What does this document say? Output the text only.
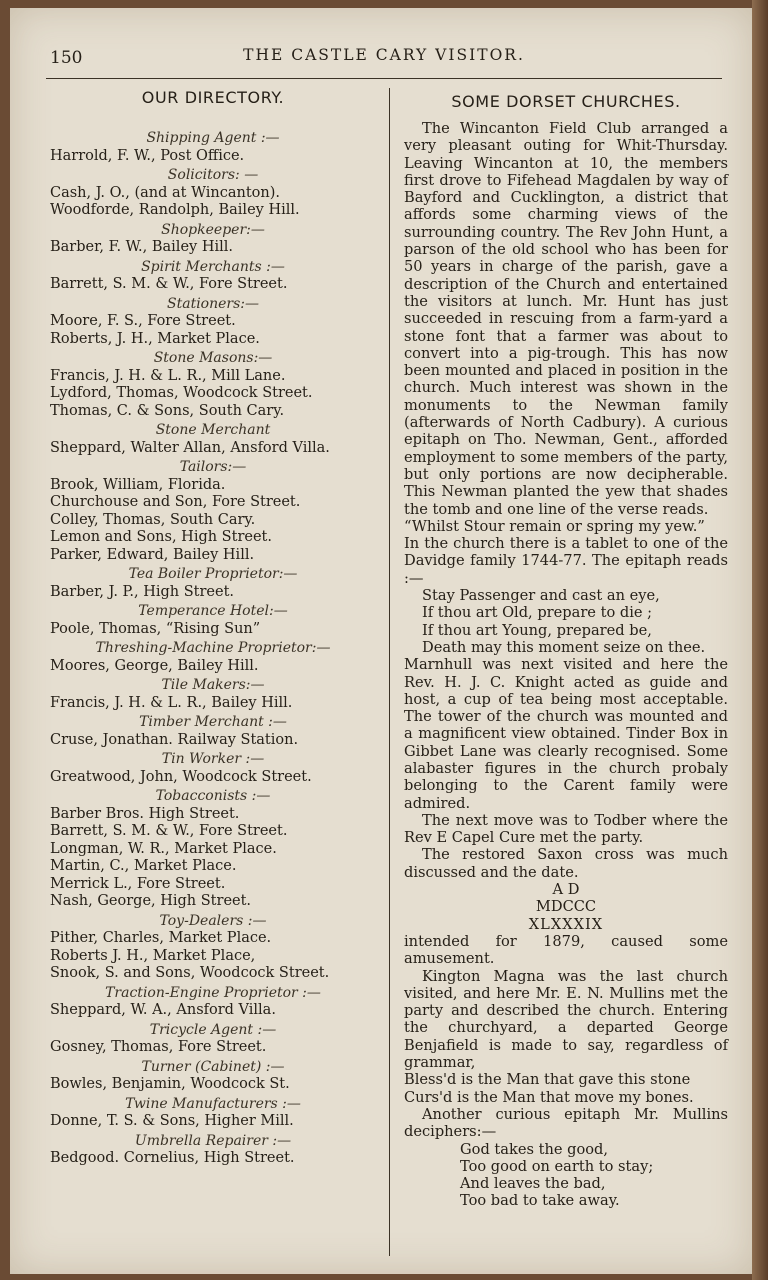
150	THE CASTLE CARY VISITOR.
OUR DIRECTORY.
Shipping Agent :—
Harrold, F. W., Post Office.
Solicitors: —
Cash, J. O., (and at Wincanton).
Woodforde, Randolph, Bailey Hill.
Shopkeeper:—
Barber, F. W., Bailey Hill.
Spirit Merchants :—
Barrett, S. M. & W., Fore Street.
Stationers:—
Moore, F. S., Fore Street.
Roberts, J. H., Market Place.
Stone Masons:—
Francis, J. H. & L. R., Mill Lane.
Lydford, Thomas, Woodcock Street.
Thomas, C. & Sons, South Cary.
Stone Merchant
Sheppard, Walter Allan, Ansford Villa.
Tailors:—
Brook, William, Florida.
Churchouse and Son, Fore Street.
Colley, Thomas, South Cary.
Lemon and Sons, High Street.
Parker, Edward, Bailey Hill.
Tea Boiler Proprietor:—
Barber, J. P., High Street.
Temperance Hotel:—
Poole, Thomas, “Rising Sun”
Threshing-Machine Proprietor:—
Moores, George, Bailey Hill.
Tile Makers:—
Francis, J. H. & L. R., Bailey Hill.
Timber Merchant :—
Cruse, Jonathan. Railway Station.
Tin Worker :—
Greatwood, John, Woodcock Street.
Tobacconists :—
Barber Bros. High Street.
Barrett, S. M. & W., Fore Street.
Longman, W. R., Market Place.
Martin, C., Market Place.
Merrick L., Fore Street.
Nash, George, High Street.
Toy-Dealers :—
Pither, Charles, Market Place.
Roberts J. H., Market Place,
Snook, S. and Sons, Woodcock Street.
Traction-Engine Proprietor :—
Sheppard, W. A., Ansford Villa.
Tricycle Agent :—
Gosney, Thomas, Fore Street.
Turner (Cabinet) :—
Bowles, Benjamin, Woodcock St.
Twine Manufacturers :—
Donne, T. S. & Sons, Higher Mill.
Umbrella Repairer :—
Bedgood. Cornelius, High Street.
SOME DORSET CHURCHES.

The Wincanton Field Club arranged a very pleasant outing for Whit-Thursday. Leaving Wincanton at 10, the members first drove to Fifehead Magdalen by way of Bayford and Cucklington, a district that affords some charming views of the surrounding country. The Rev John Hunt, a parson of the old school who has been for 50 years in charge of the parish, gave a description of the Church and entertained the visitors at lunch. Mr. Hunt has just succeeded in rescuing from a farm-yard a stone font that a farmer was about to convert into a pig-trough. This has now been mounted and placed in position in the church. Much interest was shown in the monuments to the Newman family (afterwards of North Cadbury). A curious epitaph on Tho. Newman, Gent., afforded employment to some members of the party, but only portions are now decipherable. This Newman planted the yew that shades the tomb and one line of the verse reads.

“Whilst Stour remain or spring my yew.”

In the church there is a tablet to one of the Davidge family 1744-77. The epitaph reads :—

Stay Passenger and cast an eye,
If thou art Old, prepare to die ;
If thou art Young, prepared be,
Death may this moment seize on thee.

Marnhull was next visited and here the Rev. H. J. C. Knight acted as guide and host, a cup of tea being most acceptable. The tower of the church was mounted and a magnificent view obtained. Tinder Box in Gibbet Lane was clearly recognised. Some alabaster figures in the church probaly belonging to the Carent family were admired.

The next move was to Todber where the Rev E Capel Cure met the party.

The restored Saxon cross was much discussed and the date.

A D
MDCCC
XLXXXIX

intended for 1879, caused some amusement.

Kington Magna was the last church visited, and here Mr. E. N. Mullins met the party and described the church. Entering the churchyard, a departed George Benjafield is made to say, regardless of grammar,

Bless'd is the Man that gave this stone
Curs'd is the Man that move my bones.

Another curious epitaph Mr. Mullins deciphers:—

God takes the good,
Too good on earth to stay;
And leaves the bad,
Too bad to take away.
